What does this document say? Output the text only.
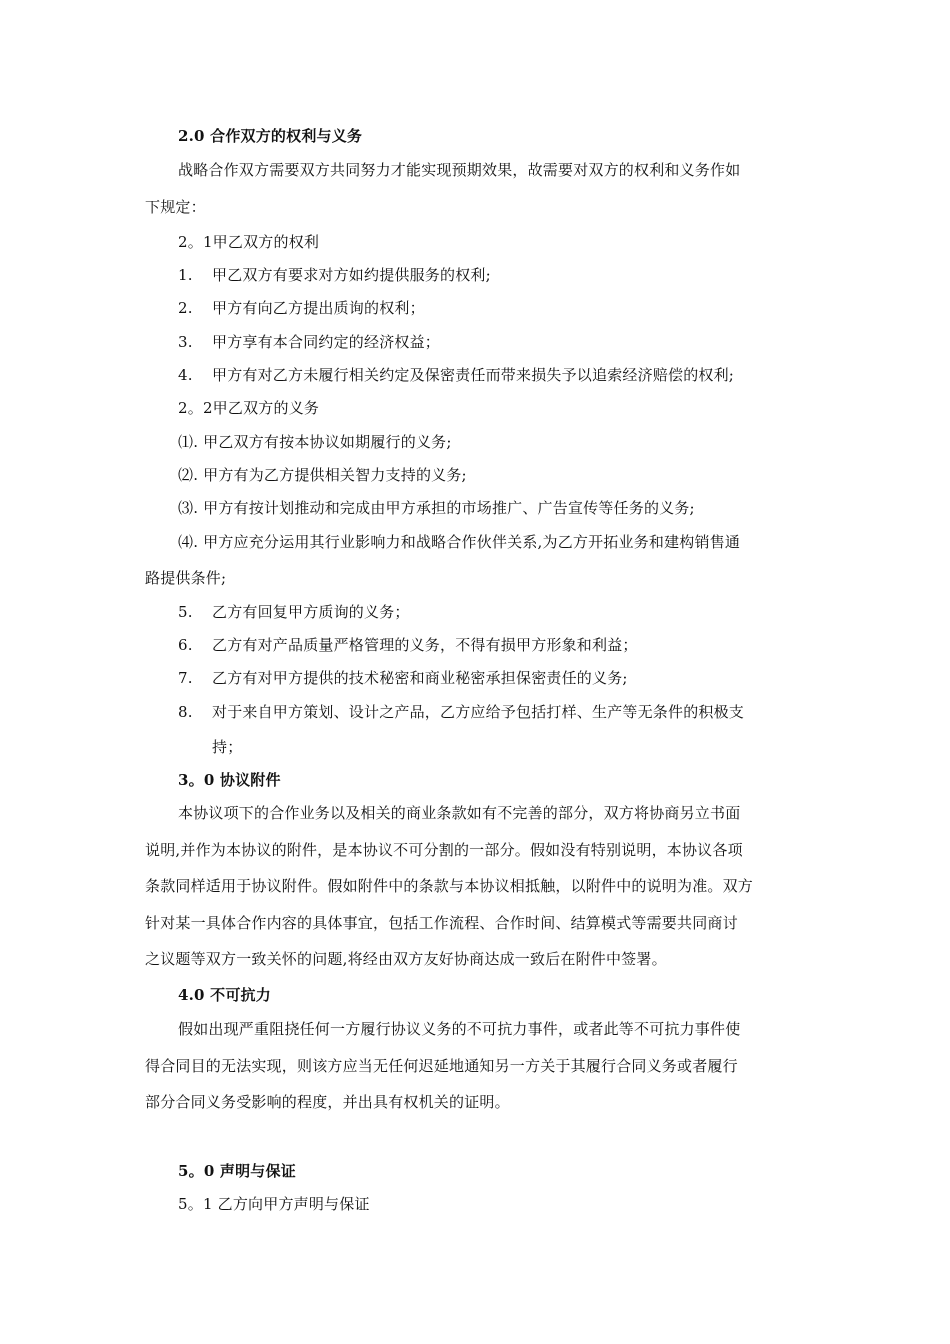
2.0 合作双方的权利与义务
战略合作双方需要双方共同努力才能实现预期效果，故需要对双方的权利和义务作如
下规定：
2。1甲乙双方的权利
1. 甲乙双方有要求对方如约提供服务的权利;
2. 甲方有向乙方提出质询的权利；
3. 甲方享有本合同约定的经济权益；
4. 甲方有对乙方未履行相关约定及保密责任而带来损失予以追索经济赔偿的权利;
2。2甲乙双方的义务
⑴. 甲乙双方有按本协议如期履行的义务;
⑵. 甲方有为乙方提供相关智力支持的义务;
⑶. 甲方有按计划推动和完成由甲方承担的市场推广、广告宣传等任务的义务;
⑷. 甲方应充分运用其行业影响力和战略合作伙伴关系,为乙方开拓业务和建构销售通
路提供条件;
5. 乙方有回复甲方质询的义务；
6. 乙方有对产品质量严格管理的义务，不得有损甲方形象和利益；
7. 乙方有对甲方提供的技术秘密和商业秘密承担保密责任的义务;
8. 对于来自甲方策划、设计之产品，乙方应给予包括打样、生产等无条件的积极支
持；
3。0 协议附件
本协议项下的合作业务以及相关的商业条款如有不完善的部分，双方将协商另立书面
说明,并作为本协议的附件，是本协议不可分割的一部分。假如没有特别说明，本协议各项
条款同样适用于协议附件。假如附件中的条款与本协议相抵触，以附件中的说明为准。双方
针对某一具体合作内容的具体事宜，包括工作流程、合作时间、结算模式等需要共同商讨
之议题等双方一致关怀的问题,将经由双方友好协商达成一致后在附件中签署。
4.0 不可抗力
假如出现严重阻挠任何一方履行协议义务的不可抗力事件，或者此等不可抗力事件使
得合同目的无法实现，则该方应当无任何迟延地通知另一方关于其履行合同义务或者履行
部分合同义务受影响的程度，并出具有权机关的证明。
5。0 声明与保证
5。1 乙方向甲方声明与保证
